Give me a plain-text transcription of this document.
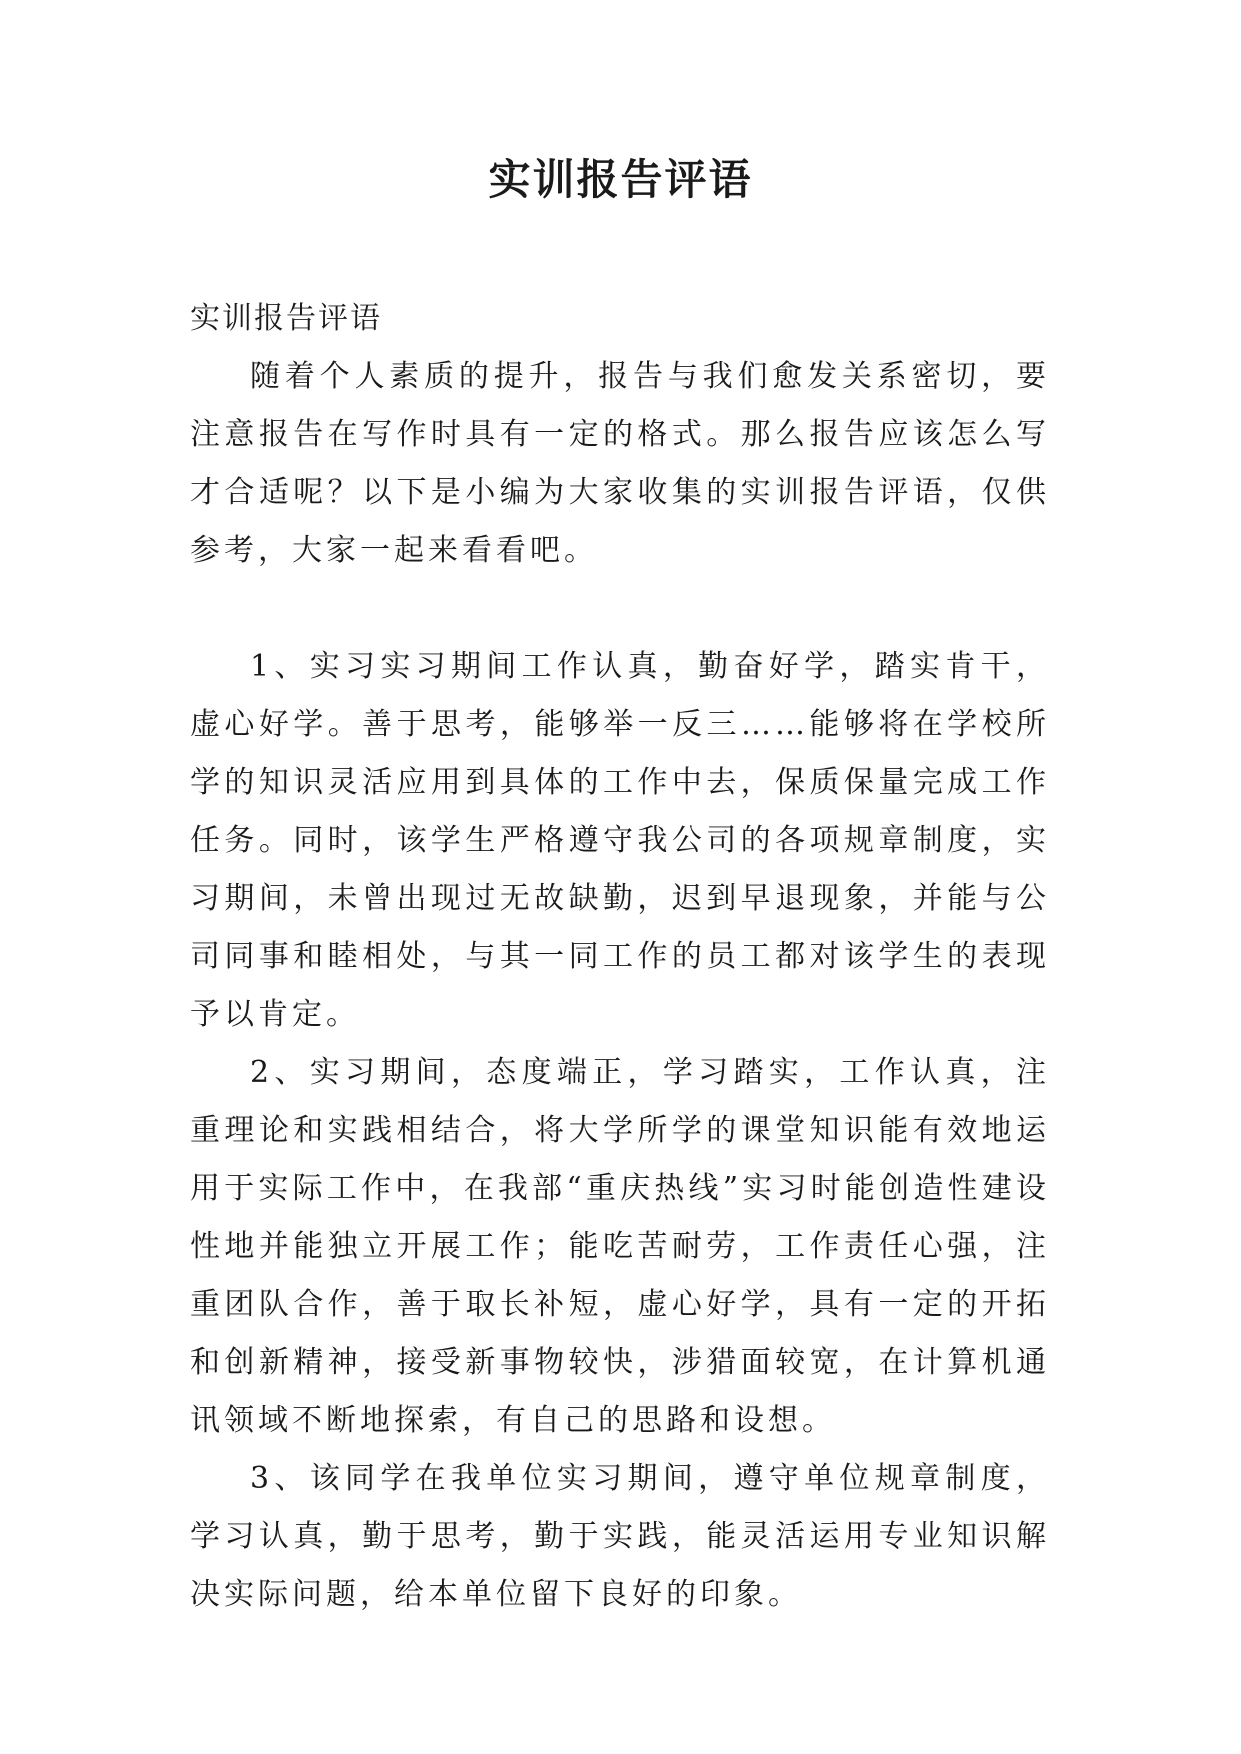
实训报告评语

实训报告评语

随着个人素质的提升，报告与我们愈发关系密切，要注意报告在写作时具有一定的格式。那么报告应该怎么写才合适呢？以下是小编为大家收集的实训报告评语，仅供参考，大家一起来看看吧。

1、实习实习期间工作认真，勤奋好学，踏实肯干，虚心好学。善于思考，能够举一反三……能够将在学校所学的知识灵活应用到具体的工作中去，保质保量完成工作任务。同时，该学生严格遵守我公司的各项规章制度，实习期间，未曾出现过无故缺勤，迟到早退现象，并能与公司同事和睦相处，与其一同工作的员工都对该学生的表现予以肯定。

2、实习期间，态度端正，学习踏实，工作认真，注重理论和实践相结合，将大学所学的课堂知识能有效地运用于实际工作中，在我部“重庆热线”实习时能创造性建设性地并能独立开展工作；能吃苦耐劳，工作责任心强，注重团队合作，善于取长补短，虚心好学，具有一定的开拓和创新精神，接受新事物较快，涉猎面较宽，在计算机通讯领域不断地探索，有自己的思路和设想。

3、该同学在我单位实习期间，遵守单位规章制度，学习认真，勤于思考，勤于实践，能灵活运用专业知识解决实际问题，给本单位留下良好的印象。
